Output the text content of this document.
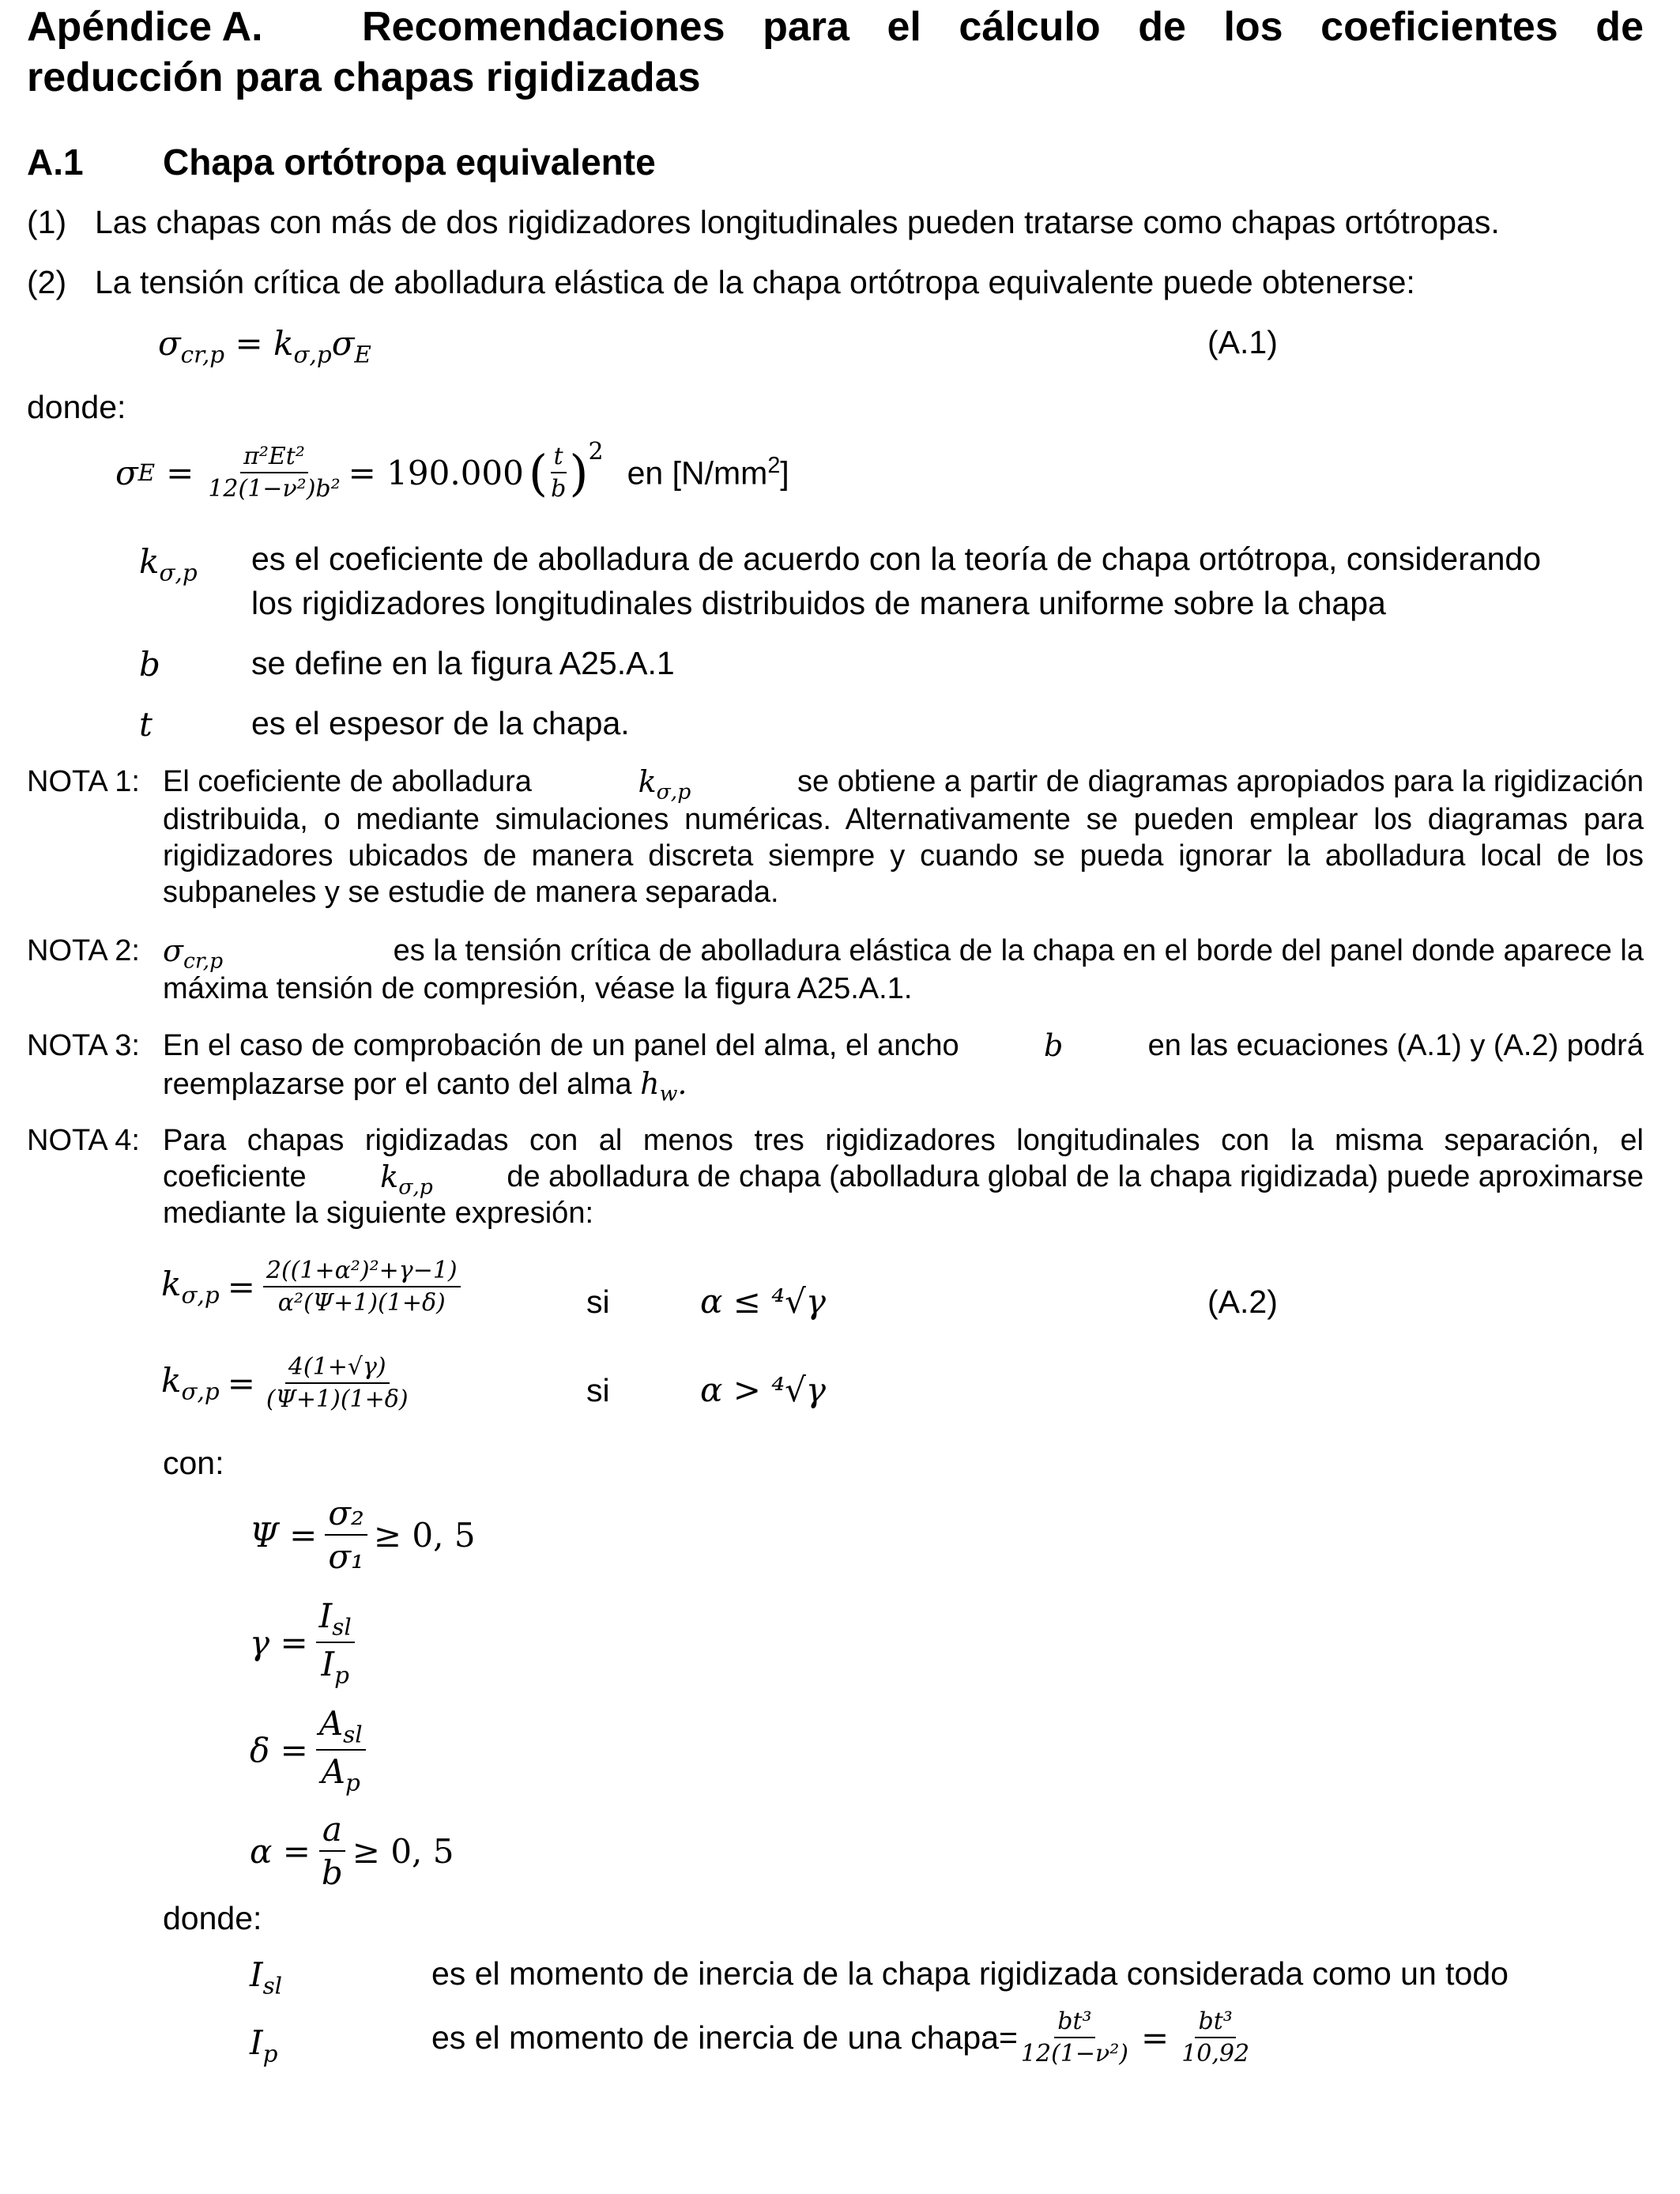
Apéndice A. Recomendaciones para el cálculo de los coeficientes de
reducción para chapas rigidizadas
A.1 Chapa ortótropa equivalente
(1) Las chapas con más de dos rigidizadores longitudinales pueden tratarse como chapas ortótropas.
(2) La tensión crítica de abolladura elástica de la chapa ortótropa equivalente puede obtenerse:
$\sigma_{cr,p} = k_{\sigma,p}\sigma_E$	(A.1)
donde:
σ $E = \frac{\text{π²Et²}}{\text{12(1−ν²)b²}} = 190.000$ ( $\frac{t}{b} )^2$
en $[N/mm^2]$
$k_{\sigma,p}$ es el coeficiente de abolladura de acuerdo con la teoría de chapa ortótropa, considerando
los rigidizadores longitudinales distribuidos de manera uniforme sobre la chapa
b	se define en la figura A25.A.1
t	es el espesor de la chapa.
NOTA 1: El coeficiente de abolladura	$k_{\sigma,p}$	se obtiene a partir de diagramas apropiados para la rigidización
distribuida, o mediante simulaciones numéricas. Alternativamente se pueden emplear los diagramas para
rigidizadores ubicados de manera discreta siempre y cuando se pueda ignorar la abolladura local de los
subpaneles y se estudie de manera separada.
NOTA 2: $\sigma_{cr,p}$	es la tensión crítica de abolladura elástica de la chapa en el borde del panel donde aparece la
máxima tensión de compresión, véase la figura A25.A.1.
NOTA 3: En el caso de comprobación de un panel del alma, el ancho	b	en las ecuaciones (A.1) y (A.2) podrá
reemplazarse por el canto del alma $h_w$.
NOTA 4: Para chapas rigidizadas con al menos tres rigidizadores longitudinales con la misma separación, el
coeficiente $k_{\sigma,p}$ de abolladura de chapa (abolladura global de la chapa rigidizada) puede aproximarse
mediante la siguiente expresión:
$k_{\sigma,p} = \frac{\text{2((1+α²)²+γ−1)}}{\text{α²(Ψ+1)(1+δ)}}$	si	α ≤ ⁴√γ	(A.2)
$k_{\sigma,p} = \frac{4(1+√\gamma)}{(\Psi+1)(1+\delta)}$	si	α > ⁴√γ
con:
$\Psi = \frac{\text{σ₂}}{\text{σ₁}} \ge 0$, 5
$\gamma = \frac{I_{sl}}{I_p}$
$\delta = \frac{A_{sl}}{A_p}$
$\alpha = \frac{a}{b} \ge 0$, 5
donde:
$I_{sl}$	es el momento de inercia de la chapa rigidizada considerada como un todo
$I_p$	es el momento de inercia de una chapa= $\frac{\text{bt³}}{\text{12(1−ν²)}} = \frac{\text{bt³}}{10,92}$
